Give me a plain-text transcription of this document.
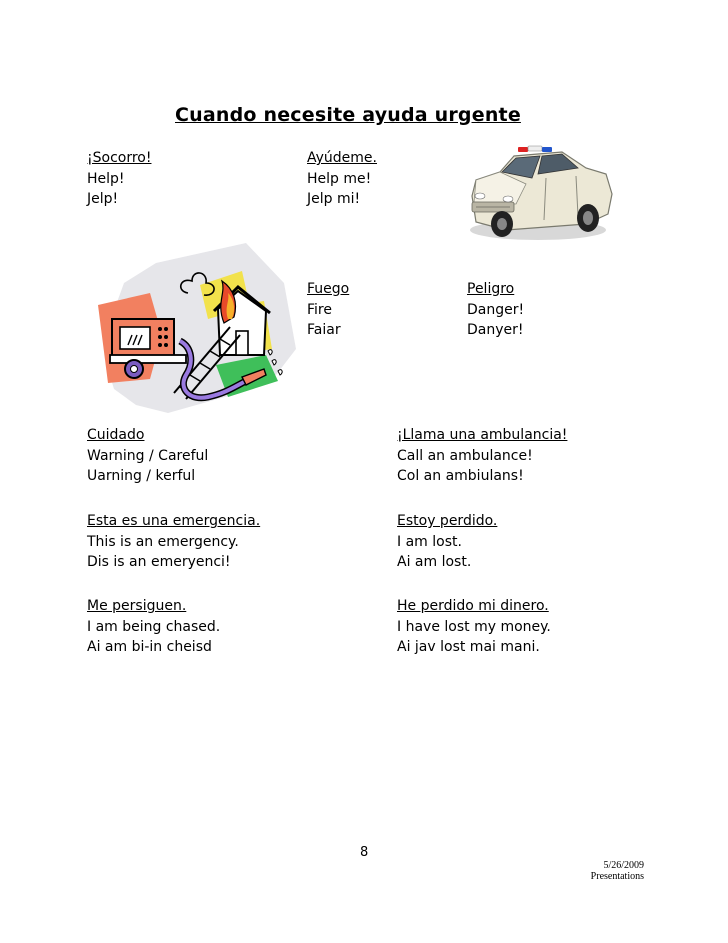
Cuando necesite ayuda urgente
¡Socorro!
Help!
Jelp!
Ayúdeme.
Help me!
Jelp mi!
Fuego
Fire
Faiar
Peligro
Danger!
Danyer!
Cuidado
Warning / Careful
Uarning / kerful
¡Llama una ambulancia!
Call an ambulance!
Col an ambiulans!
Esta es una emergencia.
This is an emergency.
Dis is an emeryenci!
Estoy perdido.
I am lost.
Ai am lost.
Me persiguen.
I am being chased.
Ai am bi-in cheisd
He perdido mi dinero.
I have lost my money.
Ai jav lost mai mani.
8
5/26/2009
Presentations
